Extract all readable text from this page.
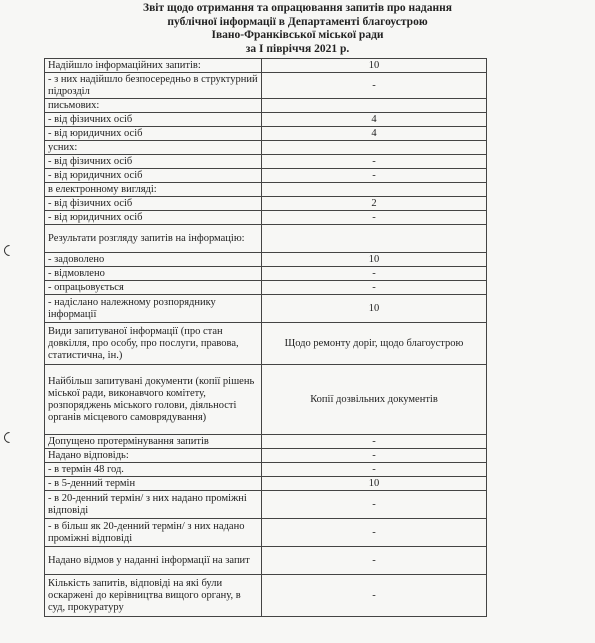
Звіт щодо отримання та опрацювання запитів про надання
публічної інформації в Департаменті благоустрою
Івано-Франківської міської ради
за І півріччя 2021 р.
Надійшло інформаційних запитів:	10
- з них надійшло безпосередньо в структурний підрозділ	-
письмових:	
- від фізичних осіб	4
- від юридичних осіб	4
усних:	
- від фізичних осіб	-
- від юридичних осіб	-
в електронному вигляді:	
- від фізичних осіб	2
- від юридичних осіб	-
Результати розгляду запитів на інформацію:	
- задоволено	10
- відмовлено	-
- опрацьовується	-
- надіслано належному розпоряднику інформації	10
Види запитуваної інформації (про стан довкілля, про особу, про послуги, правова, статистична, ін.)	Щодо ремонту доріг, щодо благоустрою
Найбільш запитувані документи (копії рішень міської ради, виконавчого комітету, розпоряджень міського голови, діяльності органів місцевого самоврядування)	Копії дозвільних документів
Допущено протермінування запитів	-
Надано відповідь:	-
- в термін 48 год.	-
- в 5-денний термін	10
- в 20-денний термін/ з них надано проміжні відповіді	-
- в більш як 20-денний термін/ з них надано проміжні відповіді	-
Надано відмов у наданні інформації на запит	-
Кількість запитів, відповіді на які були оскаржені до керівництва вищого органу, в суд, прокуратуру	-
